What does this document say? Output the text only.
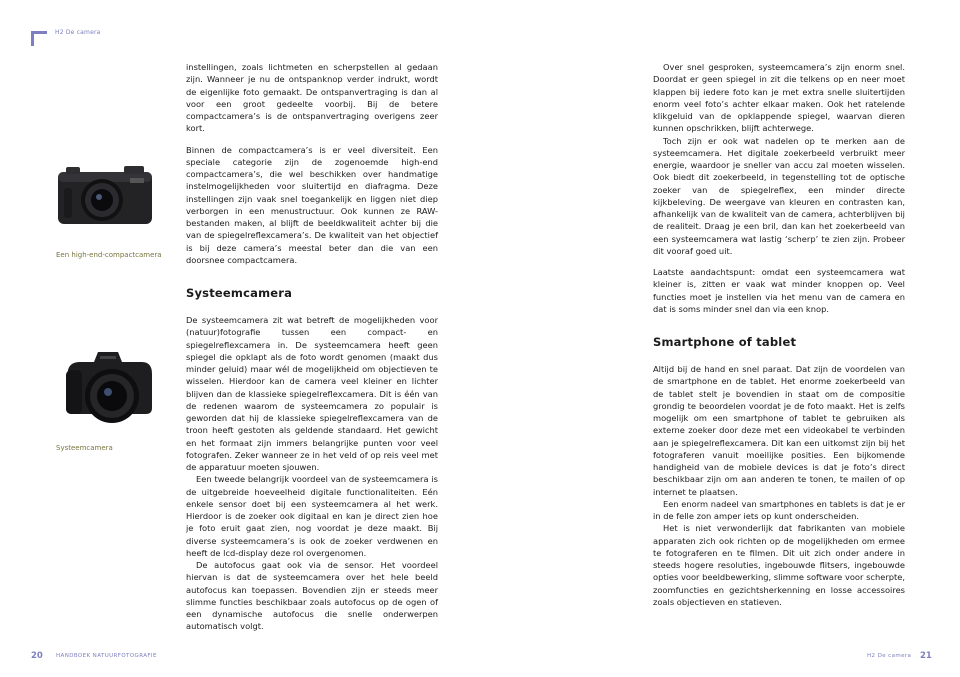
H2 De camera
Een high-end-compactcamera
Systeemcamera

instellingen, zoals lichtmeten en scherpstellen al gedaan zijn. Wanneer je nu de ontspanknop verder indrukt, wordt de eigenlijke foto gemaakt. De ontspanvertraging is dan al voor een groot gedeelte voorbij. Bij de betere compactcamera’s is de ontspanvertraging overigens zeer kort.

Binnen de compactcamera’s is er veel diversiteit. Een speciale categorie zijn de zogenoemde high-end compactcamera’s, die wel beschikken over handmatige instelmogelijkheden voor sluitertijd en diafragma. Deze instellingen zijn vaak snel toegankelijk en liggen niet diep verborgen in een menustructuur. Ook kunnen ze RAW-bestanden maken, al blijft de beeldkwaliteit achter bij die van de spiegelreflexcamera’s. De kwaliteit van het objectief is bij deze camera’s meestal beter dan die van een doorsnee compactcamera.

Systeemcamera

De systeemcamera zit wat betreft de mogelijkheden voor (natuur)fotografie tussen een compact- en spiegelreflexcamera in. De systeemcamera heeft geen spiegel die opklapt als de foto wordt genomen (maakt dus minder geluid) maar wél de mogelijkheid om objectieven te wisselen. Hierdoor kan de camera veel kleiner en lichter blijven dan de klassieke spiegelreflexcamera. Dit is één van de redenen waarom de systeemcamera zo populair is geworden dat hij de klassieke spiegelreflexcamera van de troon heeft gestoten als geldende standaard. Het gewicht en het formaat zijn immers belangrijke punten voor veel fotografen. Zeker wanneer ze in het veld of op reis veel met de apparatuur moeten sjouwen.

Een tweede belangrijk voordeel van de systeemcamera is de uitgebreide hoeveelheid digitale functionaliteiten. Eén enkele sensor doet bij een systeemcamera al het werk. Hierdoor is de zoeker ook digitaal en kan je direct zien hoe je foto eruit gaat zien, nog voordat je deze maakt. Bij diverse systeemcamera’s is ook de zoeker verdwenen en heeft de lcd-display deze rol overgenomen.

De autofocus gaat ook via de sensor. Het voordeel hiervan is dat de systeemcamera over het hele beeld autofocus kan toepassen. Bovendien zijn er steeds meer slimme functies beschikbaar zoals autofocus op de ogen of een dynamische autofocus die snelle onderwerpen automatisch volgt.

Over snel gesproken, systeemcamera’s zijn enorm snel. Doordat er geen spiegel in zit die telkens op en neer moet klappen bij iedere foto kan je met extra snelle sluitertijden enorm veel foto’s achter elkaar maken. Ook het ratelende klikgeluid van de opklappende spiegel, waarvan dieren kunnen opschrikken, blijft achterwege.

Toch zijn er ook wat nadelen op te merken aan de systeemcamera. Het digitale zoekerbeeld verbruikt meer energie, waardoor je sneller van accu zal moeten wisselen. Ook biedt dit zoekerbeeld, in tegenstelling tot de optische zoeker van de spiegelreflex, een minder directe kijkbeleving. De weergave van kleuren en contrasten kan, afhankelijk van de kwaliteit van de camera, achterblijven bij de realiteit. Draag je een bril, dan kan het zoekerbeeld van een systeemcamera wat lastig ‘scherp’ te zien zijn. Probeer dit vooraf goed uit.

Laatste aandachtspunt: omdat een systeemcamera wat kleiner is, zitten er vaak wat minder knoppen op. Veel functies moet je instellen via het menu van de camera en dat is soms minder snel dan via een knop.

Smartphone of tablet

Altijd bij de hand en snel paraat. Dat zijn de voordelen van de smartphone en de tablet. Het enorme zoekerbeeld van de tablet stelt je bovendien in staat om de compositie grondig te beoordelen voordat je de foto maakt. Het is zelfs mogelijk om een smartphone of tablet te gebruiken als externe zoeker door deze met een videokabel te verbinden aan je spiegelreflexcamera. Dit kan een uitkomst zijn bij het fotograferen vanuit moeilijke posities. Een bijkomende handigheid van de mobiele devices is dat je foto’s direct beschikbaar zijn om aan anderen te tonen, te mailen of op internet te plaatsen.

Een enorm nadeel van smartphones en tablets is dat je er in de felle zon amper iets op kunt onderscheiden.

Het is niet verwonderlijk dat fabrikanten van mobiele apparaten zich ook richten op de mogelijkheden om ermee te fotograferen en te filmen. Dit uit zich onder andere in steeds hogere resoluties, ingebouwde flitsers, ingebouwde opties voor beeldbewerking, slimme software voor scherpte, zoomfuncties en gezichtsherkenning en losse accessoires zoals objectieven en statieven.

20 HANDBOEK NATUURFOTOGRAFIE	H2 De camera 21
